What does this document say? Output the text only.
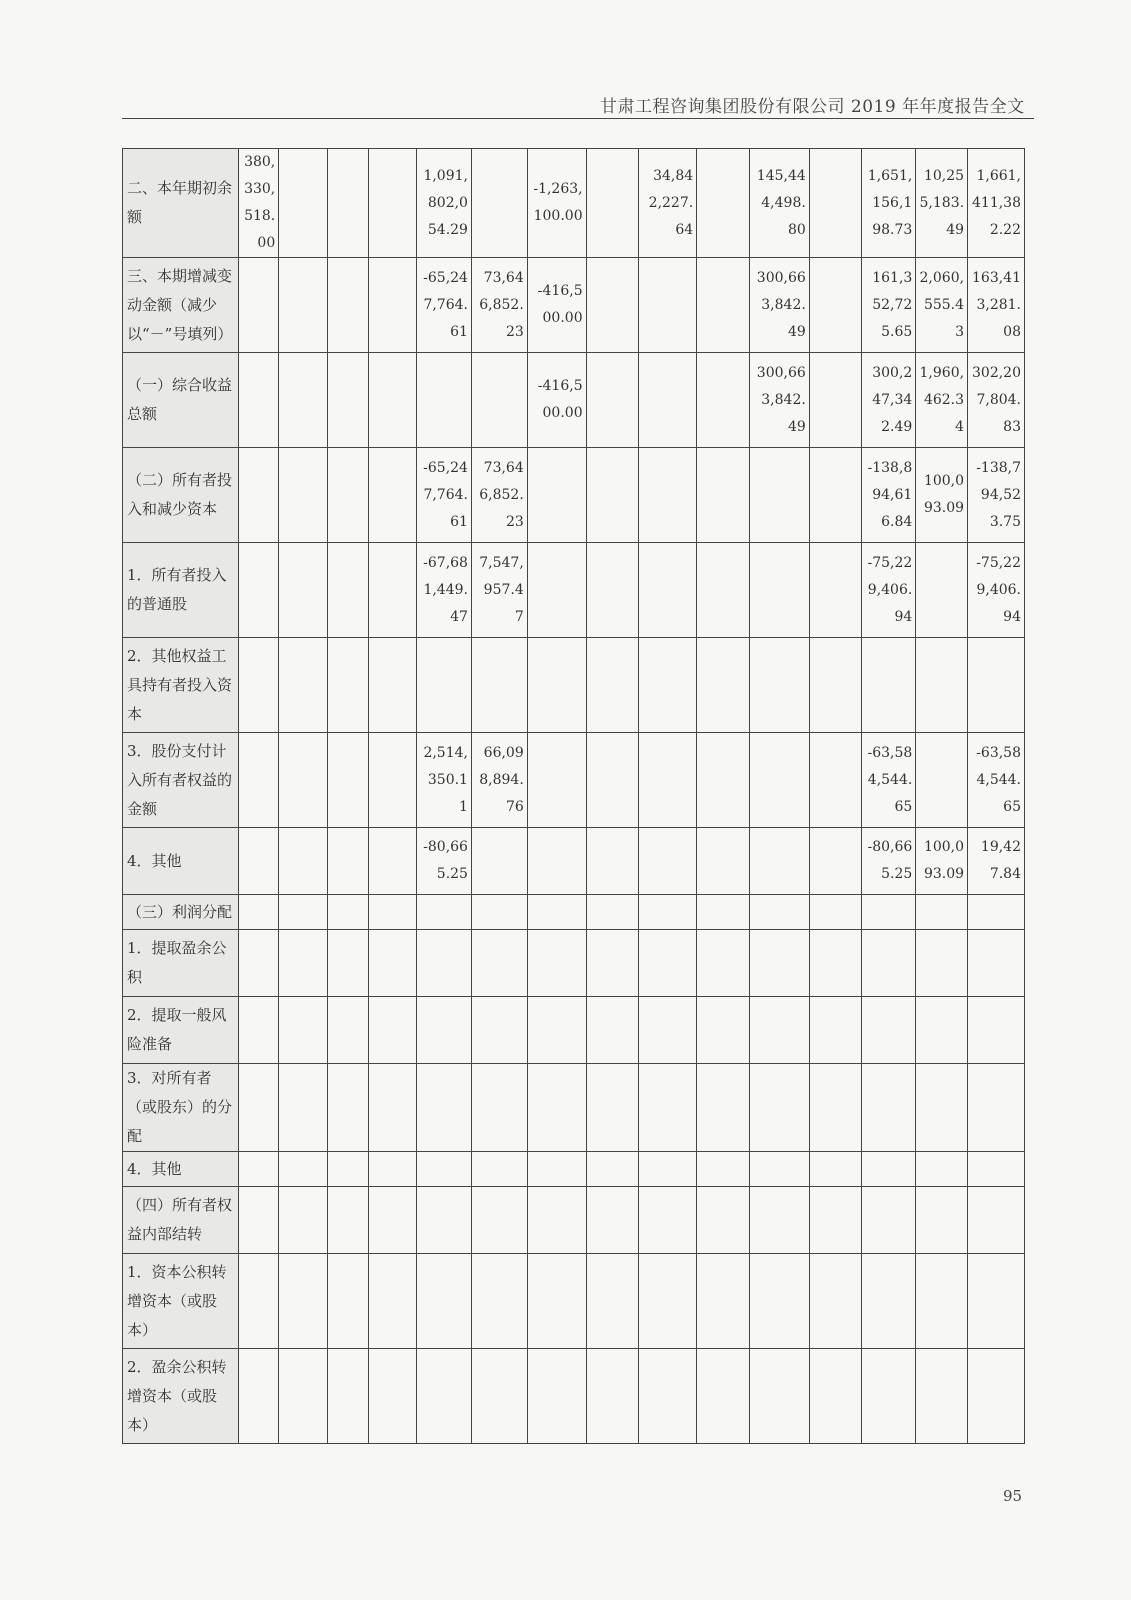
甘肃工程咨询集团股份有限公司 2019 年年度报告全文
二、本年期初余额	380,330,518.00				1,091,802,054.29		-1,263,100.00		34,842,227.64		145,444,498.80		1,651,156,198.73	10,255,183.49	1,661,411,382.22
三、本期增减变动金额（减少以“－”号填列）					-65,247,764.61	73,646,852.23	-416,500.00				300,663,842.49		161,352,725.65	2,060,555.43	163,413,281.08
（一）综合收益总额							-416,500.00				300,663,842.49		300,247,342.49	1,960,462.34	302,207,804.83
（二）所有者投入和减少资本					-65,247,764.61	73,646,852.23							-138,894,616.84	100,093.09	-138,794,523.75
1．所有者投入的普通股					-67,681,449.47	7,547,957.47							-75,229,406.94		-75,229,406.94
2．其他权益工具持有者投入资本															
3．股份支付计入所有者权益的金额					2,514,350.11	66,098,894.76							-63,584,544.65		-63,584,544.65
4．其他					-80,665.25								-80,665.25	100,093.09	19,427.84
（三）利润分配															
1．提取盈余公积															
2．提取一般风险准备															
3．对所有者（或股东）的分配															
4．其他															
（四）所有者权益内部结转															
1．资本公积转增资本（或股本）															
2．盈余公积转增资本（或股本）															
95
